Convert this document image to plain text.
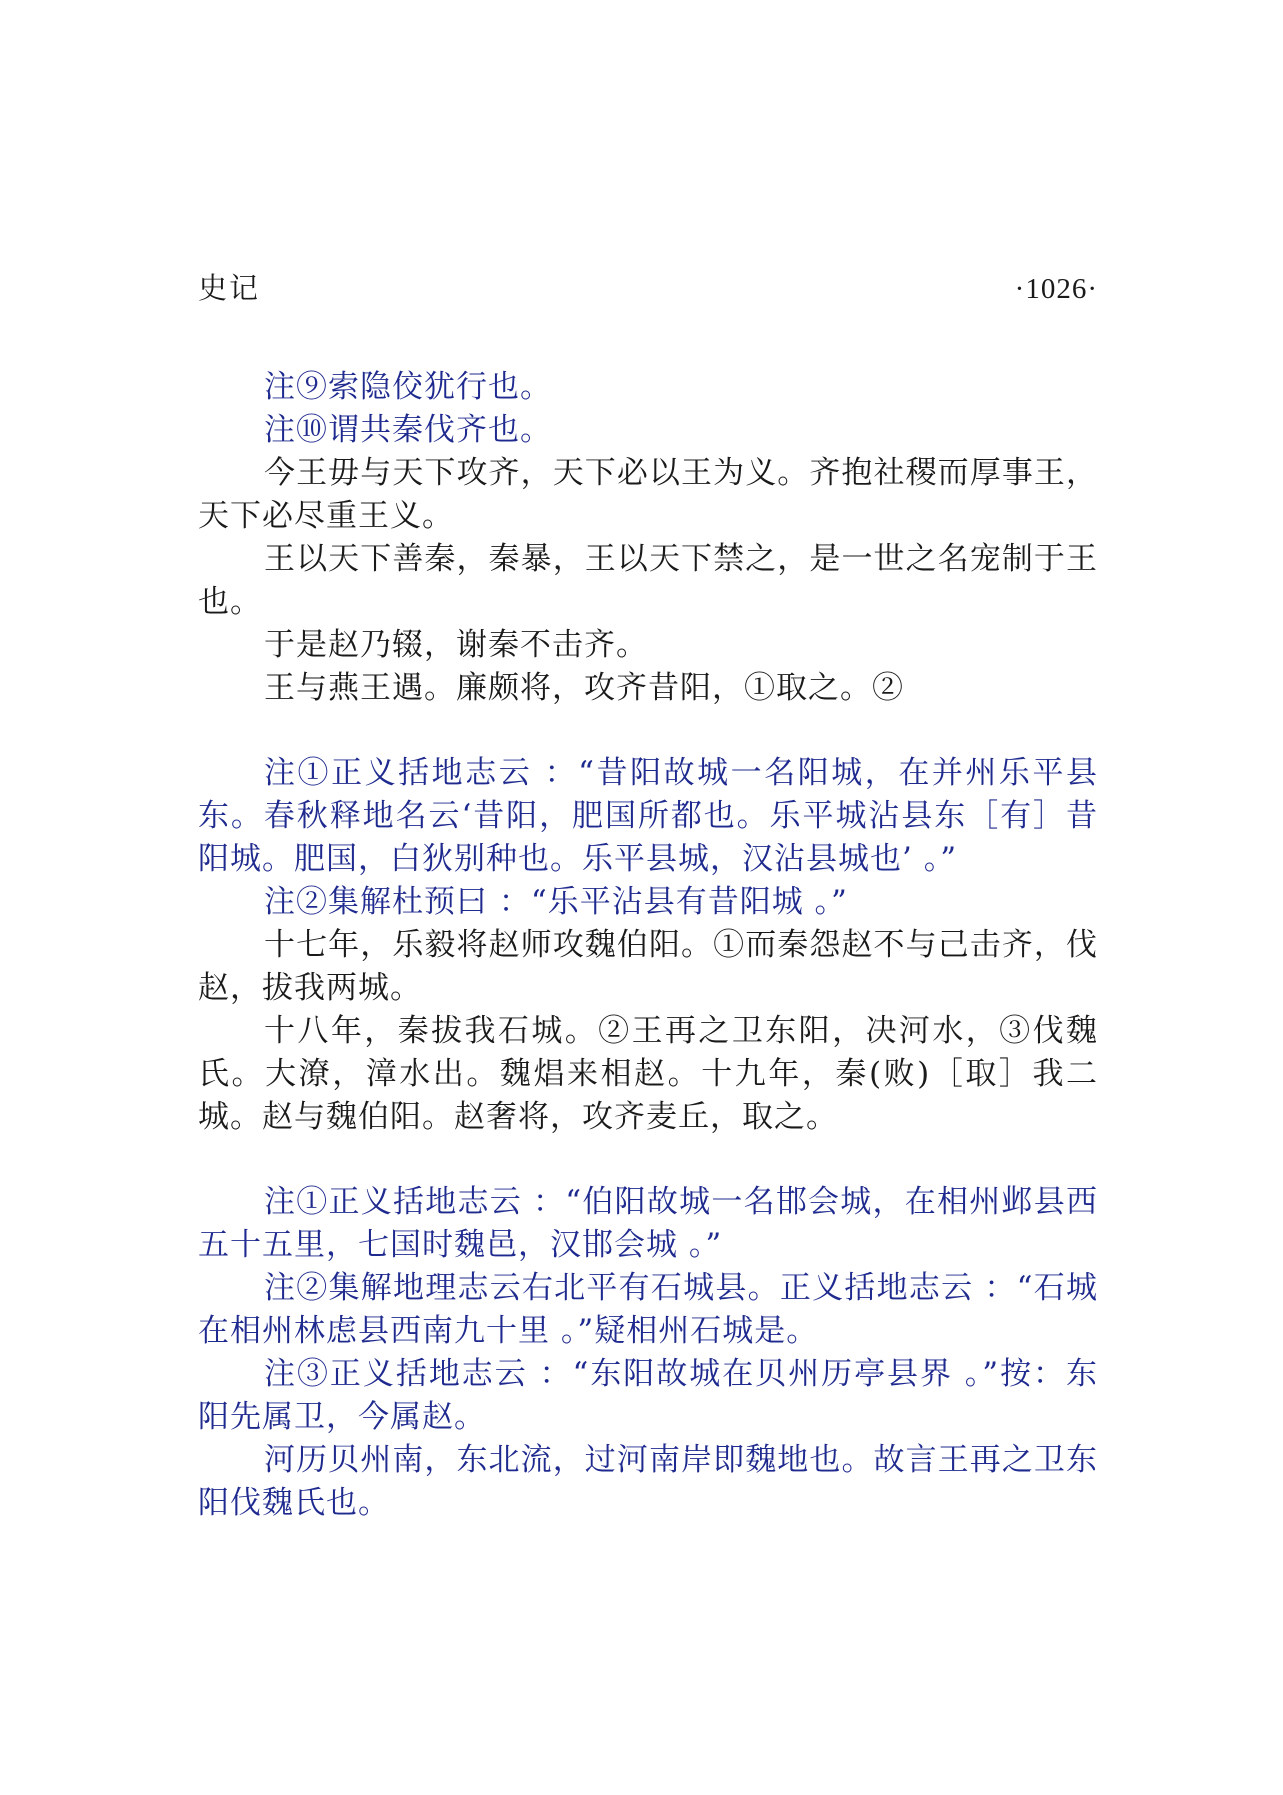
史记	·1026·

注⑨索隐佼犹行也。

注⑩谓共秦伐齐也。

今王毋与天下攻齐，天下必以王为义。齐抱社稷而厚事王，天下必尽重王义。

王以天下善秦，秦暴，王以天下禁之，是一世之名宠制于王也。

于是赵乃辍，谢秦不击齐。

王与燕王遇。廉颇将，攻齐昔阳，①取之。②

注①正义括地志云 ：“昔阳故城一名阳城，在并州乐平县东。春秋释地名云‘昔阳，肥国所都也。乐平城沾县东［有］昔阳城。肥国，白狄别种也。乐平县城，汉沾县城也’ 。”

注②集解杜预曰 ：“乐平沾县有昔阳城 。”

十七年，乐毅将赵师攻魏伯阳。①而秦怨赵不与己击齐，伐赵，拔我两城。

十八年，秦拔我石城。②王再之卫东阳，决河水，③伐魏氏。大潦，漳水出。魏焻来相赵。十九年，秦(败)［取］我二城。赵与魏伯阳。赵奢将，攻齐麦丘，取之。

注①正义括地志云 ：“伯阳故城一名邯会城，在相州邺县西五十五里，七国时魏邑，汉邯会城 。”

注②集解地理志云右北平有石城县。正义括地志云 ：“石城在相州林虑县西南九十里 。”疑相州石城是。

注③正义括地志云 ：“东阳故城在贝州历亭县界 。”按：东阳先属卫，今属赵。

河历贝州南，东北流，过河南岸即魏地也。故言王再之卫东阳伐魏氏也。
